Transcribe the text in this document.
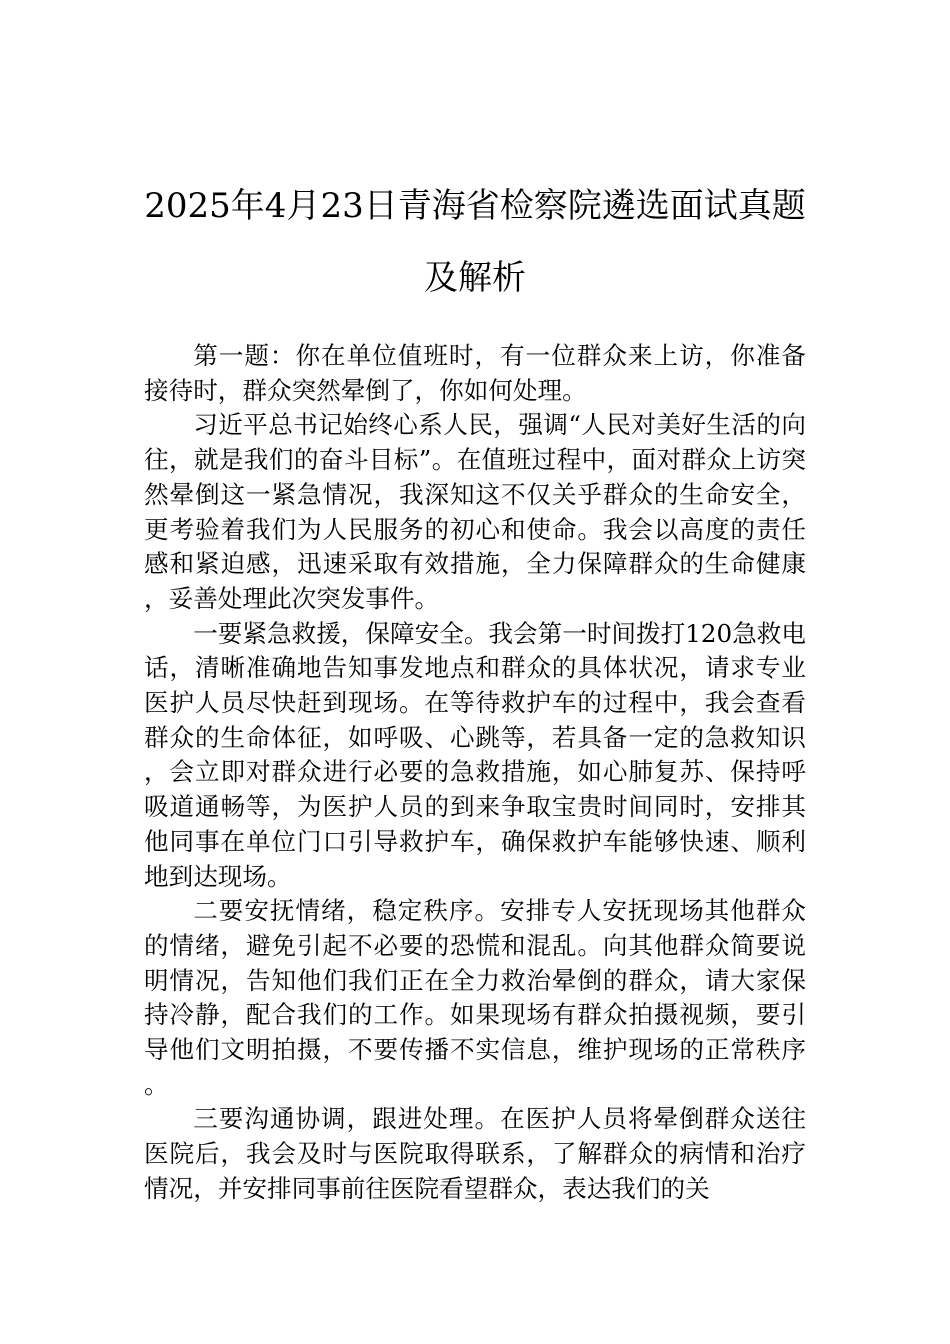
2025年4月23日青海省检察院遴选面试真题及解析

第一题：你在单位值班时，有一位群众来上访，你准备接待时，群众突然晕倒了，你如何处理。

习近平总书记始终心系人民，强调“人民对美好生活的向往，就是我们的奋斗目标”。在值班过程中，面对群众上访突然晕倒这一紧急情况，我深知这不仅关乎群众的生命安全，更考验着我们为人民服务的初心和使命。我会以高度的责任感和紧迫感，迅速采取有效措施，全力保障群众的生命健康，妥善处理此次突发事件。

一要紧急救援，保障安全。我会第一时间拨打120急救电话，清晰准确地告知事发地点和群众的具体状况，请求专业医护人员尽快赶到现场。在等待救护车的过程中，我会查看群众的生命体征，如呼吸、心跳等，若具备一定的急救知识，会立即对群众进行必要的急救措施，如心肺复苏、保持呼吸道通畅等，为医护人员的到来争取宝贵时间同时，安排其他同事在单位门口引导救护车，确保救护车能够快速、顺利地到达现场。

二要安抚情绪，稳定秩序。安排专人安抚现场其他群众的情绪，避免引起不必要的恐慌和混乱。向其他群众简要说明情况，告知他们我们正在全力救治晕倒的群众，请大家保持冷静，配合我们的工作。如果现场有群众拍摄视频，要引导他们文明拍摄，不要传播不实信息，维护现场的正常秩序。

三要沟通协调，跟进处理。在医护人员将晕倒群众送往医院后，我会及时与医院取得联系，了解群众的病情和治疗情况，并安排同事前往医院看望群众，表达我们的关
